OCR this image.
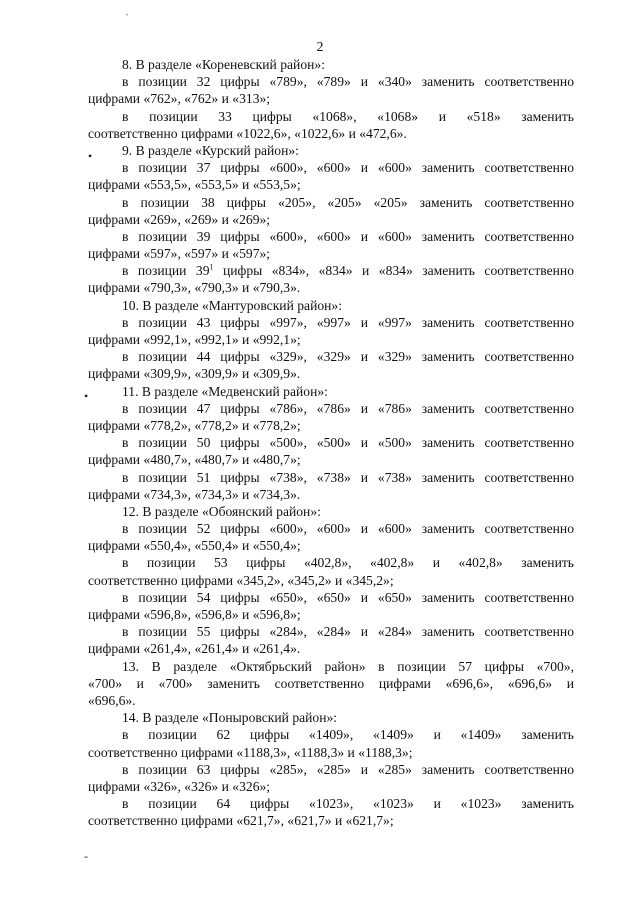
2
ˈ
•
•
-
8. В разделе «Кореневский район»:
в позиции 32 цифры «789», «789» и «340» заменить соответственно
цифрами «762», «762» и «313»;
в позиции 33 цифры «1068», «1068» и «518» заменить
соответственно цифрами «1022,6», «1022,6» и «472,6».
9. В разделе «Курский район»:
в позиции 37 цифры «600», «600» и «600» заменить соответственно
цифрами «553,5», «553,5» и «553,5»;
в позиции 38 цифры «205», «205» «205» заменить соответственно
цифрами «269», «269» и «269»;
в позиции 39 цифры «600», «600» и «600» заменить соответственно
цифрами «597», «597» и «597»;
в позиции $39^1$ цифры «834», «834» и «834» заменить соответственно
цифрами «790,3», «790,3» и «790,3».
10. В разделе «Мантуровский район»:
в позиции 43 цифры «997», «997» и «997» заменить соответственно
цифрами «992,1», «992,1» и «992,1»;
в позиции 44 цифры «329», «329» и «329» заменить соответственно
цифрами «309,9», «309,9» и «309,9».
11. В разделе «Медвенский район»:
в позиции 47 цифры «786», «786» и «786» заменить соответственно
цифрами «778,2», «778,2» и «778,2»;
в позиции 50 цифры «500», «500» и «500» заменить соответственно
цифрами «480,7», «480,7» и «480,7»;
в позиции 51 цифры «738», «738» и «738» заменить соответственно
цифрами «734,3», «734,3» и «734,3».
12. В разделе «Обоянский район»:
в позиции 52 цифры «600», «600» и «600» заменить соответственно
цифрами «550,4», «550,4» и «550,4»;
в позиции 53 цифры «402,8», «402,8» и «402,8» заменить
соответственно цифрами «345,2», «345,2» и «345,2»;
в позиции 54 цифры «650», «650» и «650» заменить соответственно
цифрами «596,8», «596,8» и «596,8»;
в позиции 55 цифры «284», «284» и «284» заменить соответственно
цифрами «261,4», «261,4» и «261,4».
13. В разделе «Октябрьский район» в позиции 57 цифры «700»,
«700» и «700» заменить соответственно цифрами «696,6», «696,6» и
«696,6».
14. В разделе «Поныровский район»:
в позиции 62 цифры «1409», «1409» и «1409» заменить
соответственно цифрами «1188,3», «1188,3» и «1188,3»;
в позиции 63 цифры «285», «285» и «285» заменить соответственно
цифрами «326», «326» и «326»;
в позиции 64 цифры «1023», «1023» и «1023» заменить
соответственно цифрами «621,7», «621,7» и «621,7»;
